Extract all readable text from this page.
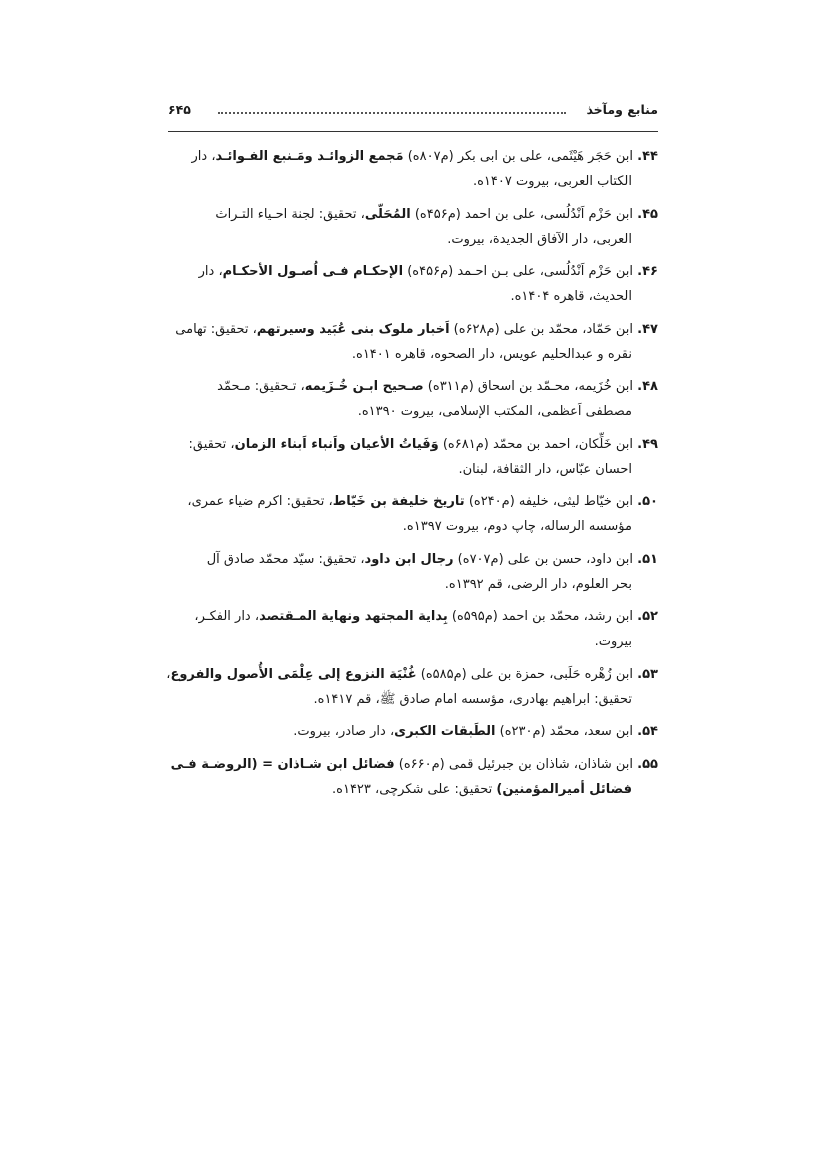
منابع ومآخذ
۶۴۵
۴۴. ابن حَجَر هَیْثَمی، علی بن ابی بکر (م۸۰۷ه) مَجمع الزوائـد ومَـنبع الفـوائـد، دار
الکتاب العربی، بیروت ۱۴۰۷ه.
۴۵. ابن حَزْم اَنْدُلُسی، علی بن احمد (م۴۵۶ه) المُحَلّی، تحقیق: لجنة احـیاء التـراث
العربی، دار الآفاق الجدیدة، بیروت.
۴۶. ابن حَزْم اَنْدُلُسی، علی بـن احـمد (م۴۵۶ه) الإحکـام فـی اُصـول الأحکـام، دار
الحدیث، قاهره ۱۴۰۴ه.
۴۷. ابن حَمّاد، محمّد بن علی (م۶۲۸ه) اَخبار ملوک بنی عُبَید وسیرتهم، تحقیق: تهامی
نقره و عبدالحلیم عویس، دار الصحوه، قاهره ۱۴۰۱ه.
۴۸. ابن خُزَیمه، محـمّد بن اسحاق (م۳۱۱ه) صـحیح ابـن خُـزَیمه، تـحقیق: مـحمّد
مصطفی اَعظمی، المکتب الإسلامی، بیروت ۱۳۹۰ه.
۴۹. ابن خَلِّکان، احمد بن محمّد (م۶۸۱ه) وَفَیاتُ الأعیان واَنباء اَبناء الزمان، تحقیق:
احسان عبّاس، دار الثقافة، لبنان.
۵۰. ابن خیّاط لیثی، خلیفه (م۲۴۰ه) تاریخ خلیفة بن خَیّاط، تحقیق: اکرم ضیاء عمری،
مؤسسه الرساله، چاپ دوم، بیروت ۱۳۹۷ه.
۵۱. ابن داود، حسن بن علی (م۷۰۷ه) رجال ابن داود، تحقیق: سیّد محمّد صادق آل
بحر العلوم، دار الرضی، قم ۱۳۹۲ه.
۵۲. ابن رشد، محمّد بن احمد (م۵۹۵ه) بِدایة المجتهد ونهایة المـقتصد، دار الفکـر،
بیروت.
۵۳. ابن زُهْره حَلَبی، حمزة بن علی (م۵۸۵ه) غُنْیَة النزوع إلی عِلْمَی الأُصول والفروع،
تحقیق: ابراهیم بهادری، مؤسسه امام صادق ﷺ، قم ۱۴۱۷ه.
۵۴. ابن سعد، محمّد (م۲۳۰ه) الطَبقات الکبری، دار صادر، بیروت.
۵۵. ابن شاذان، شاذان بن جبرئیل قمی (م۶۶۰ه) فضائل ابن شـاذان = (الروضـة فـی
فضائل أمیرالمؤمنین) تحقیق: علی شکرچی، ۱۴۲۳ه.
